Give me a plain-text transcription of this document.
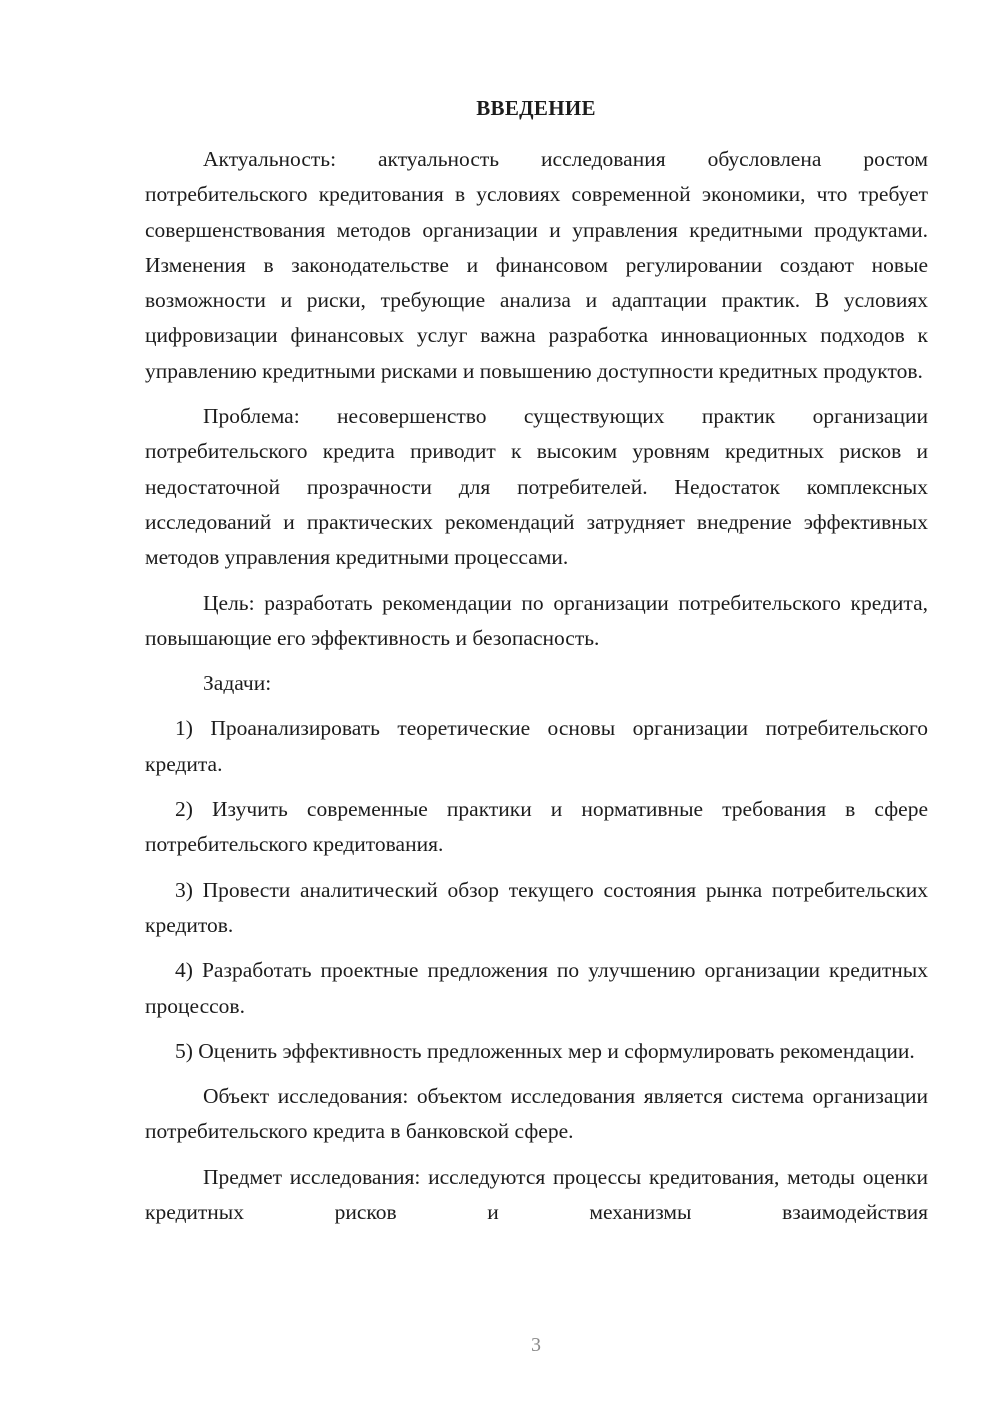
ВВЕДЕНИЕ

Актуальность: актуальность исследования обусловлена ростом потребительского кредитования в условиях современной экономики, что требует совершенствования методов организации и управления кредитными продуктами. Изменения в законодательстве и финансовом регулировании создают новые возможности и риски, требующие анализа и адаптации практик. В условиях цифровизации финансовых услуг важна разработка инновационных подходов к управлению кредитными рисками и повышению доступности кредитных продуктов.

Проблема: несовершенство существующих практик организации потребительского кредита приводит к высоким уровням кредитных рисков и недостаточной прозрачности для потребителей. Недостаток комплексных исследований и практических рекомендаций затрудняет внедрение эффективных методов управления кредитными процессами.

Цель: разработать рекомендации по организации потребительского кредита, повышающие его эффективность и безопасность.

Задачи:

1) Проанализировать теоретические основы организации потребительского кредита.

2) Изучить современные практики и нормативные требования в сфере потребительского кредитования.

3) Провести аналитический обзор текущего состояния рынка потребительских кредитов.

4) Разработать проектные предложения по улучшению организации кредитных процессов.

5) Оценить эффективность предложенных мер и сформулировать рекомендации.

Объект исследования: объектом исследования является система организации потребительского кредита в банковской сфере.

Предмет исследования: исследуются процессы кредитования, методы оценки кредитных рисков и механизмы взаимодействия

3
